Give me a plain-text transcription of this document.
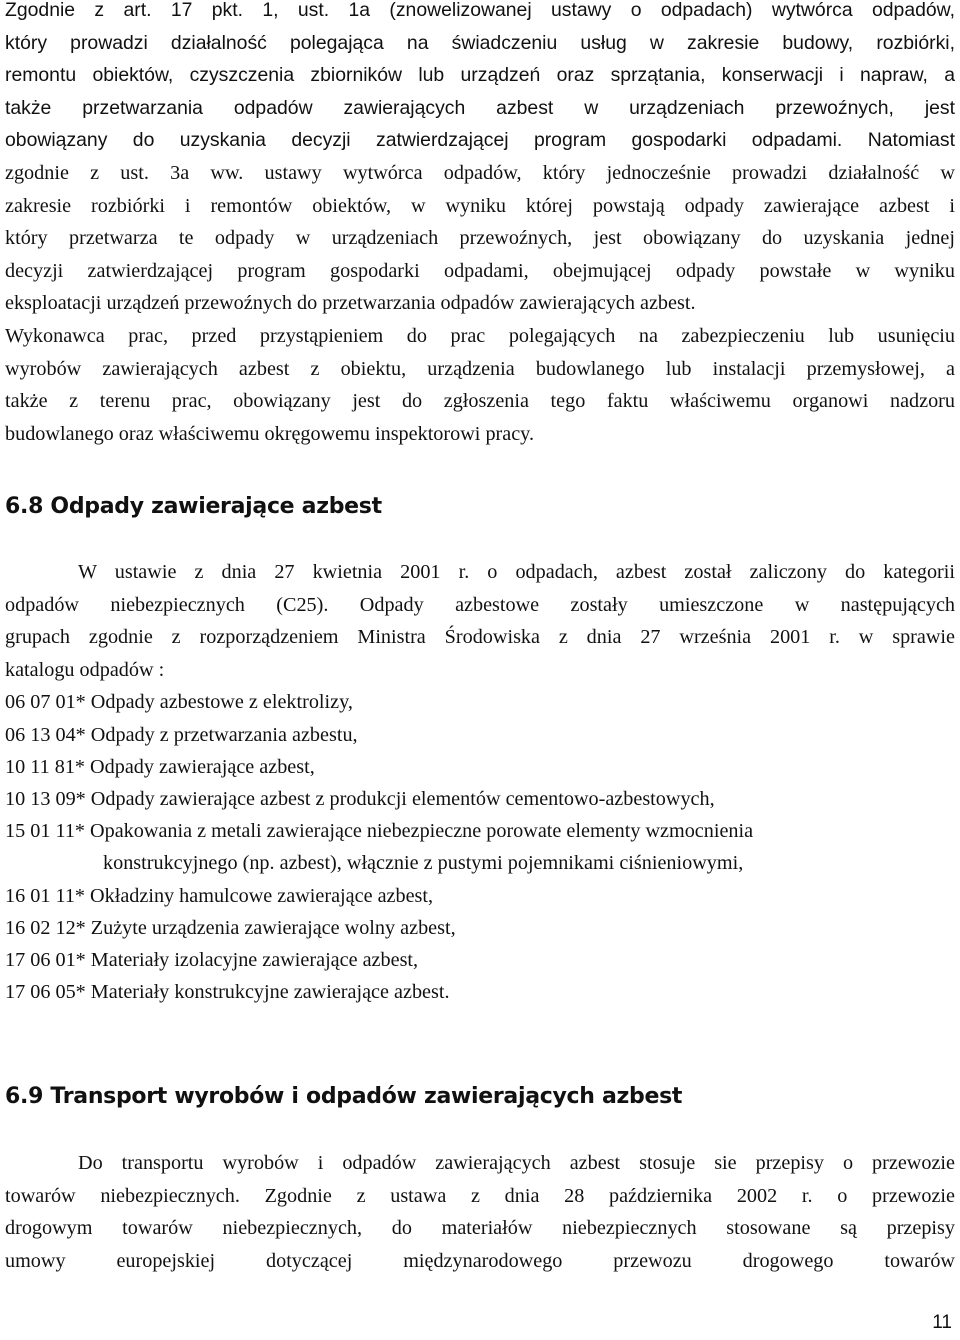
Zgodnie z art. 17 pkt. 1, ust. 1a (znowelizowanej ustawy o odpadach) wytwórca odpadów,
który prowadzi działalność polegająca na świadczeniu usług w zakresie budowy, rozbiórki,
remontu obiektów, czyszczenia zbiorników lub urządzeń oraz sprzątania, konserwacji i napraw, a
także przetwarzania odpadów zawierających azbest w urządzeniach przewoźnych, jest
obowiązany do uzyskania decyzji zatwierdzającej program gospodarki odpadami. Natomiast
zgodnie z ust. 3a ww. ustawy wytwórca odpadów, który jednocześnie prowadzi działalność w
zakresie rozbiórki i remontów obiektów, w wyniku której powstają odpady zawierające azbest i
który przetwarza te odpady w urządzeniach przewoźnych, jest obowiązany do uzyskania jednej
decyzji zatwierdzającej program gospodarki odpadami, obejmującej odpady powstałe w wyniku
eksploatacji urządzeń przewoźnych do przetwarzania odpadów zawierających azbest.

Wykonawca prac, przed przystąpieniem do prac polegających na zabezpieczeniu lub usunięciu
wyrobów zawierających azbest z obiektu, urządzenia budowlanego lub instalacji przemysłowej, a
także z terenu prac, obowiązany jest do zgłoszenia tego faktu właściwemu organowi nadzoru
budowlanego oraz właściwemu okręgowemu inspektorowi pracy.

6.8 Odpady zawierające azbest

W ustawie z dnia 27 kwietnia 2001 r. o odpadach, azbest został zaliczony do kategorii
odpadów niebezpiecznych (C25). Odpady azbestowe zostały umieszczone w następujących
grupach zgodnie z rozporządzeniem Ministra Środowiska z dnia 27 września 2001 r. w sprawie
katalogu odpadów :

06 07 01* Odpady azbestowe z elektrolizy,
06 13 04* Odpady z przetwarzania azbestu,
10 11 81* Odpady zawierające azbest,
10 13 09* Odpady zawierające azbest z produkcji elementów cementowo-azbestowych,
15 01 11* Opakowania z metali zawierające niebezpieczne porowate elementy wzmocnienia
konstrukcyjnego (np. azbest), włącznie z pustymi pojemnikami ciśnieniowymi,
16 01 11* Okładziny hamulcowe zawierające azbest,
16 02 12* Zużyte urządzenia zawierające wolny azbest,
17 06 01* Materiały izolacyjne zawierające azbest,
17 06 05* Materiały konstrukcyjne zawierające azbest.
6.9 Transport wyrobów i odpadów zawierających azbest

Do transportu wyrobów i odpadów zawierających azbest stosuje sie przepisy o przewozie
towarów niebezpiecznych. Zgodnie z ustawa z dnia 28 października 2002 r. o przewozie
drogowym towarów niebezpiecznych, do materiałów niebezpiecznych stosowane są przepisy
umowy europejskiej dotyczącej międzynarodowego przewozu drogowego towarów

11
